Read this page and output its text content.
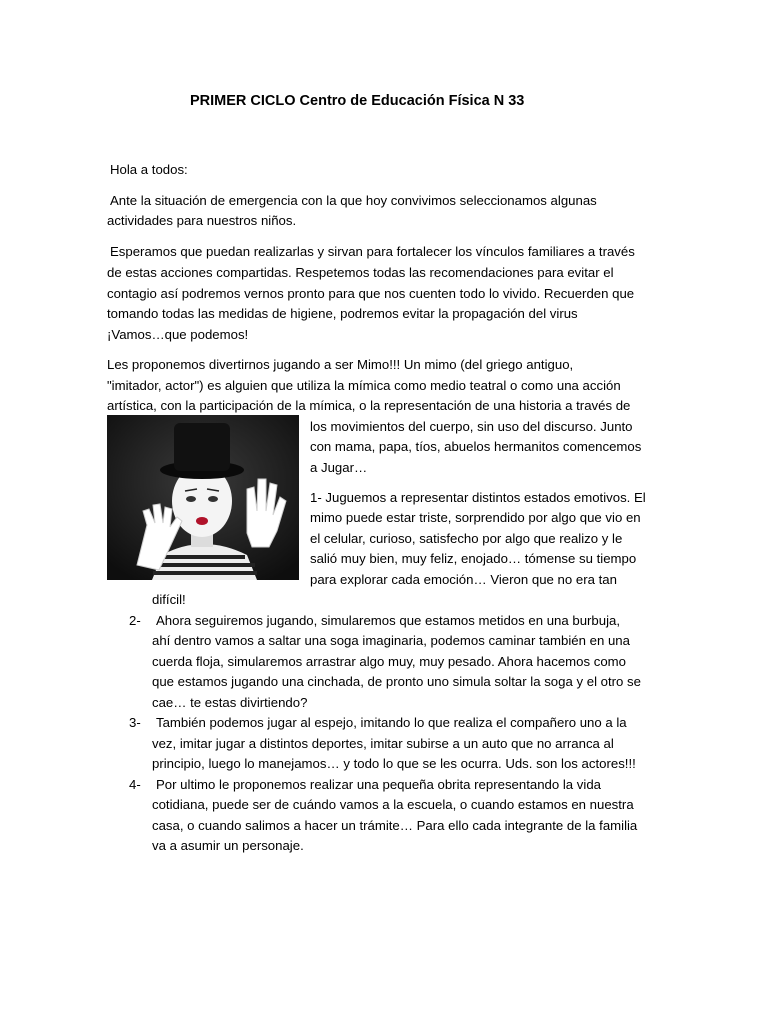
PRIMER CICLO Centro de Educación Física N 33
Hola a todos:
Ante la situación de emergencia con la que hoy convivimos seleccionamos algunas
actividades para nuestros niños.
Esperamos que puedan realizarlas y sirvan para fortalecer los vínculos familiares a través
de estas acciones compartidas. Respetemos todas las recomendaciones para evitar el
contagio así podremos vernos pronto para que nos cuenten todo lo vivido. Recuerden que
tomando todas las medidas de higiene, podremos evitar la propagación del virus
¡Vamos…que podemos!
Les proponemos divertirnos jugando a ser Mimo!!! Un mimo (del griego antiguo,
"imitador, actor") es alguien que utiliza la mímica como medio teatral o como una acción
artística, con la participación de la mímica, o la representación de una historia a través de
los movimientos del cuerpo, sin uso del discurso. Junto
con mama, papa, tíos, abuelos hermanitos comencemos
a Jugar…
1- Juguemos a representar distintos estados emotivos. El
mimo puede estar triste, sorprendido por algo que vio en
el celular, curioso, satisfecho por algo que realizo y le
salió muy bien, muy feliz, enojado… tómense su tiempo
para explorar cada emoción… Vieron que no era tan
difícil!
2- Ahora seguiremos jugando, simularemos que estamos metidos en una burbuja,
ahí dentro vamos a saltar una soga imaginaria, podemos caminar también en una
cuerda floja, simularemos arrastrar algo muy, muy pesado. Ahora hacemos como
que estamos jugando una cinchada, de pronto uno simula soltar la soga y el otro se
cae… te estas divirtiendo?
3- También podemos jugar al espejo, imitando lo que realiza el compañero uno a la
vez, imitar jugar a distintos deportes, imitar subirse a un auto que no arranca al
principio, luego lo manejamos… y todo lo que se les ocurra. Uds. son los actores!!!
4- Por ultimo le proponemos realizar una pequeña obrita representando la vida
cotidiana, puede ser de cuándo vamos a la escuela, o cuando estamos en nuestra
casa, o cuando salimos a hacer un trámite… Para ello cada integrante de la familia
va a asumir un personaje.
